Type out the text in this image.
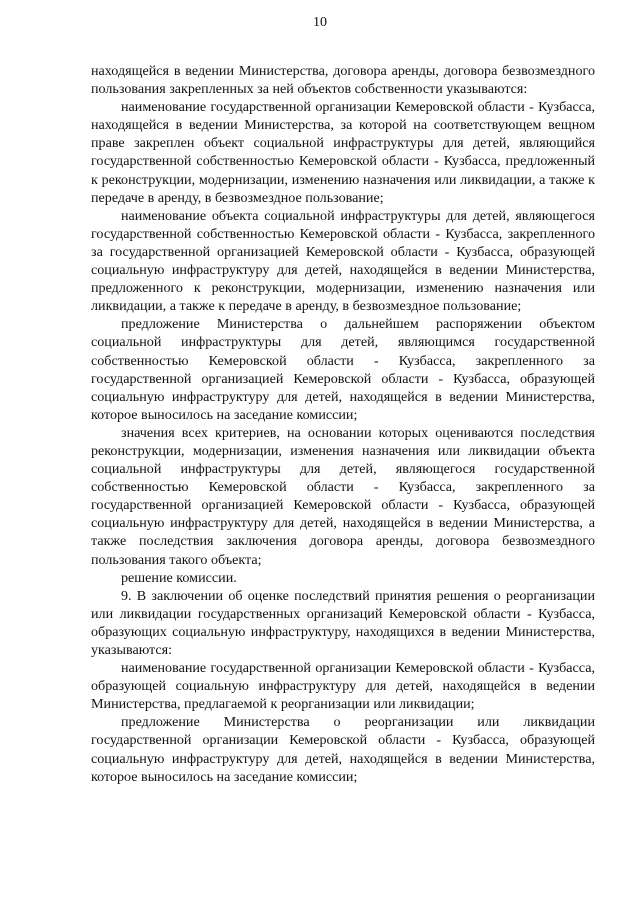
10

находящейся в ведении Министерства, договора аренды, договора безвозмездного пользования закрепленных за ней объектов собственности указываются:

наименование государственной организации Кемеровской области - Кузбасса, находящейся в ведении Министерства, за которой на соответствующем вещном праве закреплен объект социальной инфраструктуры для детей, являющийся государственной собственностью Кемеровской области - Кузбасса, предложенный к реконструкции, модернизации, изменению назначения или ликвидации, а также к передаче в аренду, в безвозмездное пользование;

наименование объекта социальной инфраструктуры для детей, являющегося государственной собственностью Кемеровской области - Кузбасса, закрепленного за государственной организацией Кемеровской области - Кузбасса, образующей социальную инфраструктуру для детей, находящейся в ведении Министерства, предложенного к реконструкции, модернизации, изменению назначения или ликвидации, а также к передаче в аренду, в безвозмездное пользование;

предложение Министерства о дальнейшем распоряжении объектом социальной инфраструктуры для детей, являющимся государственной собственностью Кемеровской области - Кузбасса, закрепленного за государственной организацией Кемеровской области - Кузбасса, образующей социальную инфраструктуру для детей, находящейся в ведении Министерства, которое выносилось на заседание комиссии;

значения всех критериев, на основании которых оцениваются последствия реконструкции, модернизации, изменения назначения или ликвидации объекта социальной инфраструктуры для детей, являющегося государственной собственностью Кемеровской области - Кузбасса, закрепленного за государственной организацией Кемеровской области - Кузбасса, образующей социальную инфраструктуру для детей, находящейся в ведении Министерства, а также последствия заключения договора аренды, договора безвозмездного пользования такого объекта;

решение комиссии.

9. В заключении об оценке последствий принятия решения о реорганизации или ликвидации государственных организаций Кемеровской области - Кузбасса, образующих социальную инфраструктуру, находящихся в ведении Министерства, указываются:

наименование государственной организации Кемеровской области - Кузбасса, образующей социальную инфраструктуру для детей, находящейся в ведении Министерства, предлагаемой к реорганизации или ликвидации;

предложение Министерства о реорганизации или ликвидации государственной организации Кемеровской области - Кузбасса, образующей социальную инфраструктуру для детей, находящейся в ведении Министерства, которое выносилось на заседание комиссии;
